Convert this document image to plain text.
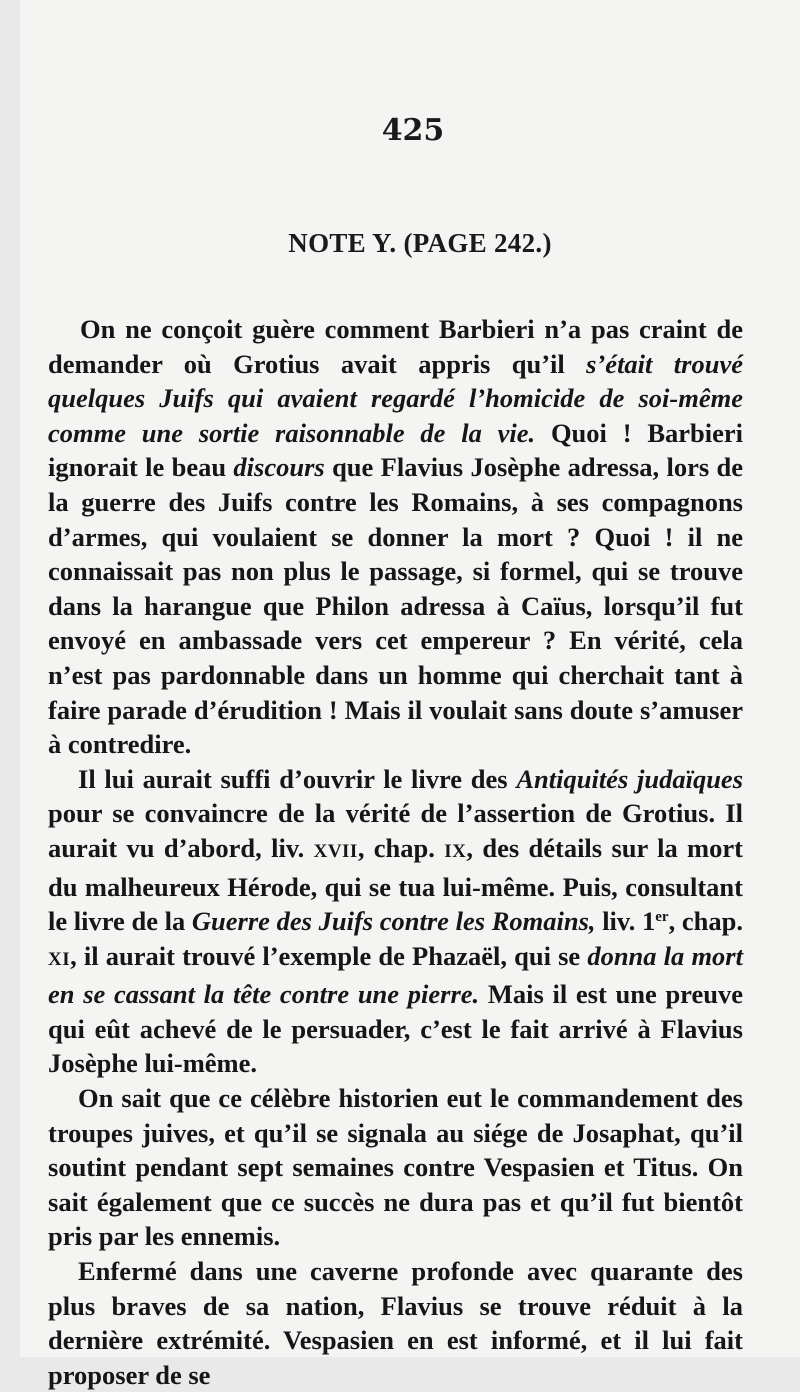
425
NOTE Y. (PAGE 242.)

On ne conçoit guère comment Barbieri n’a pas craint de demander où Grotius avait appris qu’il s’était trouvé quelques Juifs qui avaient regardé l’homicide de soi-même comme une sortie raisonnable de la vie. Quoi ! Barbieri ignorait le beau discours que Flavius Josèphe adressa, lors de la guerre des Juifs contre les Romains, à ses compagnons d’armes, qui voulaient se donner la mort ? Quoi ! il ne connaissait pas non plus le passage, si formel, qui se trouve dans la harangue que Philon adressa à Caïus, lorsqu’il fut envoyé en ambassade vers cet empereur ? En vérité, cela n’est pas pardonnable dans un homme qui cherchait tant à faire parade d’érudition ! Mais il voulait sans doute s’amuser à contredire.

Il lui aurait suffi d’ouvrir le livre des Antiquités judaïques pour se convaincre de la vérité de l’assertion de Grotius. Il aurait vu d’abord, liv. XVII, chap. IX, des détails sur la mort du malheureux Hérode, qui se tua lui-même. Puis, consultant le livre de la Guerre des Juifs contre les Romains, liv. 1er, chap. XI, il aurait trouvé l’exemple de Phazaël, qui se donna la mort en se cassant la tête contre une pierre. Mais il est une preuve qui eût achevé de le persuader, c’est le fait arrivé à Flavius Josèphe lui-même.

On sait que ce célèbre historien eut le commandement des troupes juives, et qu’il se signala au siége de Josaphat, qu’il soutint pendant sept semaines contre Vespasien et Titus. On sait également que ce succès ne dura pas et qu’il fut bientôt pris par les ennemis.

Enfermé dans une caverne profonde avec quarante des plus braves de sa nation, Flavius se trouve réduit à la dernière extrémité. Vespasien en est informé, et il lui fait proposer de se
